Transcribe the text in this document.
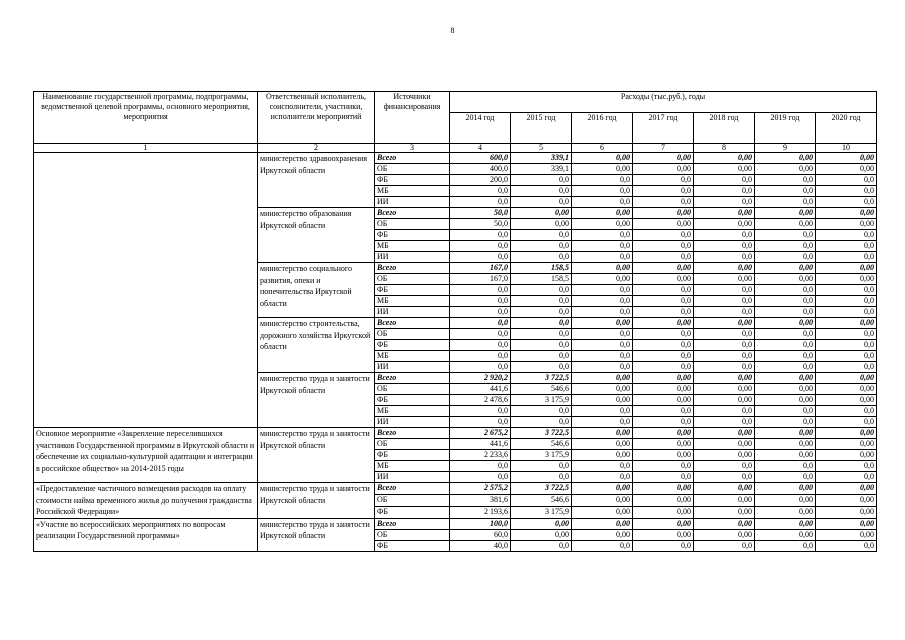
8
Наименование государственной программы, подпрограммы, ведомственной целевой программы, основного мероприятия, мероприятия	Ответственный исполнитель, соисполнители, участники, исполнители мероприятий	Источники финансирования	Расходы (тыс.руб.), годы						
			2014 год	2015 год	2016 год	2017 год	2018 год	2019 год	2020 год
1	2	3	4	5	6	7	8	9	10
	министерство здравоохранения Иркутской области	Всего	600,0	339,1	0,00	0,00	0,00	0,00	0,00
		ОБ	400,0	339,1	0,00	0,00	0,00	0,00	0,00
		ФБ	200,0	0,0	0,0	0,0	0,0	0,0	0,0
		МБ	0,0	0,0	0,0	0,0	0,0	0,0	0,0
		ИИ	0,0	0,0	0,0	0,0	0,0	0,0	0,0
	министерство образования Иркутской области	Всего	50,0	0,00	0,00	0,00	0,00	0,00	0,00
		ОБ	50,0	0,00	0,00	0,00	0,00	0,00	0,00
		ФБ	0,0	0,0	0,0	0,0	0,0	0,0	0,0
		МБ	0,0	0,0	0,0	0,0	0,0	0,0	0,0
		ИИ	0,0	0,0	0,0	0,0	0,0	0,0	0,0
	министерство социального развития, опеки и попечительства Иркутской области	Всего	167,0	158,5	0,00	0,00	0,00	0,00	0,00
		ОБ	167,0	158,5	0,00	0,00	0,00	0,00	0,00
		ФБ	0,0	0,0	0,0	0,0	0,0	0,0	0,0
		МБ	0,0	0,0	0,0	0,0	0,0	0,0	0,0
		ИИ	0,0	0,0	0,0	0,0	0,0	0,0	0,0
	министерство строительства, дорожного хозяйства Иркутской области	Всего	0,0	0,0	0,00	0,00	0,00	0,00	0,00
		ОБ	0,0	0,0	0,0	0,0	0,0	0,0	0,0
		ФБ	0,0	0,0	0,0	0,0	0,0	0,0	0,0
		МБ	0,0	0,0	0,0	0,0	0,0	0,0	0,0
		ИИ	0,0	0,0	0,0	0,0	0,0	0,0	0,0
	министерство труда и занятости Иркутской области	Всего	2 920,2	3 722,5	0,00	0,00	0,00	0,00	0,00
		ОБ	441,6	546,6	0,00	0,00	0,00	0,00	0,00
		ФБ	2 478,6	3 175,9	0,00	0,00	0,00	0,00	0,00
		МБ	0,0	0,0	0,0	0,0	0,0	0,0	0,0
		ИИ	0,0	0,0	0,0	0,0	0,0	0,0	0,0
Основное мероприятие «Закрепление переселившихся участников Государственной программы в Иркутской области и обеспечение их социально-культурной адаптации и интеграции в российское общество» на 2014-2015 годы	министерство труда и занятости Иркутской области	Всего	2 675,2	3 722,5	0,00	0,00	0,00	0,00	0,00
		ОБ	441,6	546,6	0,00	0,00	0,00	0,00	0,00
		ФБ	2 233,6	3 175,9	0,00	0,00	0,00	0,00	0,00
		МБ	0,0	0,0	0,0	0,0	0,0	0,0	0,0
		ИИ	0,0	0,0	0,0	0,0	0,0	0,0	0,0
«Предоставление частичного возмещения расходов на оплату стоимости найма временного жилья до получения гражданства Российской Федерации»	министерство труда и занятости Иркутской области	Всего	2 575,2	3 722,5	0,00	0,00	0,00	0,00	0,00
		ОБ	381,6	546,6	0,00	0,00	0,00	0,00	0,00
		ФБ	2 193,6	3 175,9	0,00	0,00	0,00	0,00	0,00
«Участие во всероссийских мероприятиях по вопросам реализации Государственной программы»	министерство труда и занятости Иркутской области	Всего	100,0	0,00	0,00	0,00	0,00	0,00	0,00
		ОБ	60,0	0,00	0,00	0,00	0,00	0,00	0,00
		ФБ	40,0	0,0	0,0	0,0	0,0	0,0	0,0
